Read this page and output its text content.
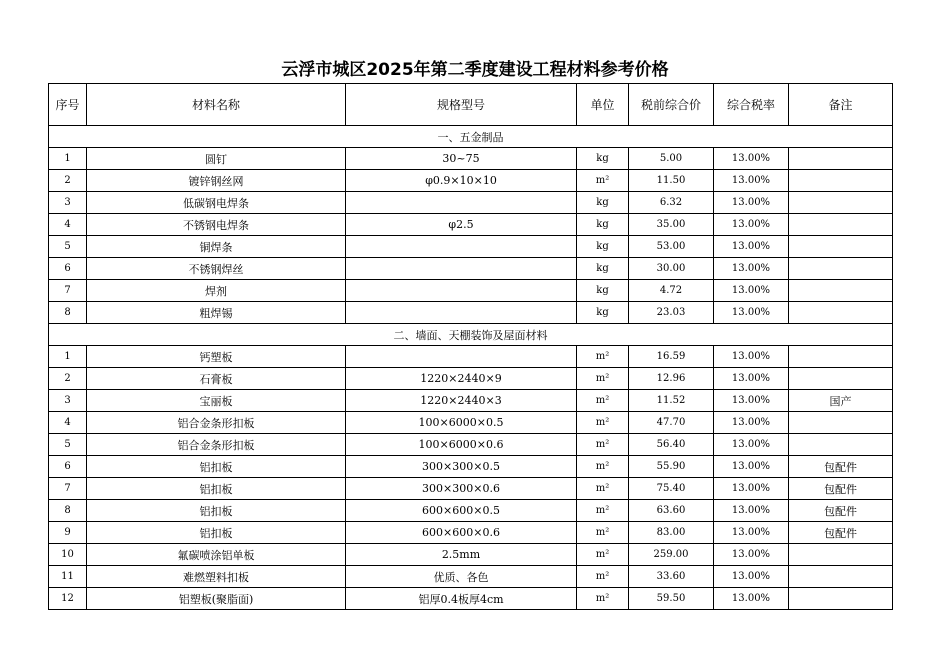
云浮市城区2025年第二季度建设工程材料参考价格
序号	材料名称	规格型号	单位	税前综合价	综合税率	备注
一、五金制品						
1	圆钉	30~75	kg	5.00	13.00%	
2	镀锌钢丝网	φ0.9×10×10	m²	11.50	13.00%	
3	低碳钢电焊条		kg	6.32	13.00%	
4	不锈钢电焊条	φ2.5	kg	35.00	13.00%	
5	铜焊条		kg	53.00	13.00%	
6	不锈钢焊丝		kg	30.00	13.00%	
7	焊剂		kg	4.72	13.00%	
8	粗焊锡		kg	23.03	13.00%	
二、墙面、天棚装饰及屋面材料						
1	钙塑板		m²	16.59	13.00%	
2	石膏板	1220×2440×9	m²	12.96	13.00%	
3	宝丽板	1220×2440×3	m²	11.52	13.00%	国产
4	铝合金条形扣板	100×6000×0.5	m²	47.70	13.00%	
5	铝合金条形扣板	100×6000×0.6	m²	56.40	13.00%	
6	铝扣板	300×300×0.5	m²	55.90	13.00%	包配件
7	铝扣板	300×300×0.6	m²	75.40	13.00%	包配件
8	铝扣板	600×600×0.5	m²	63.60	13.00%	包配件
9	铝扣板	600×600×0.6	m²	83.00	13.00%	包配件
10	氟碳喷涂铝单板	2.5mm	m²	259.00	13.00%	
11	难燃塑料扣板	优质、各色	m²	33.60	13.00%	
12	铝塑板(聚脂面)	铝厚0.4板厚4cm	m²	59.50	13.00%	
